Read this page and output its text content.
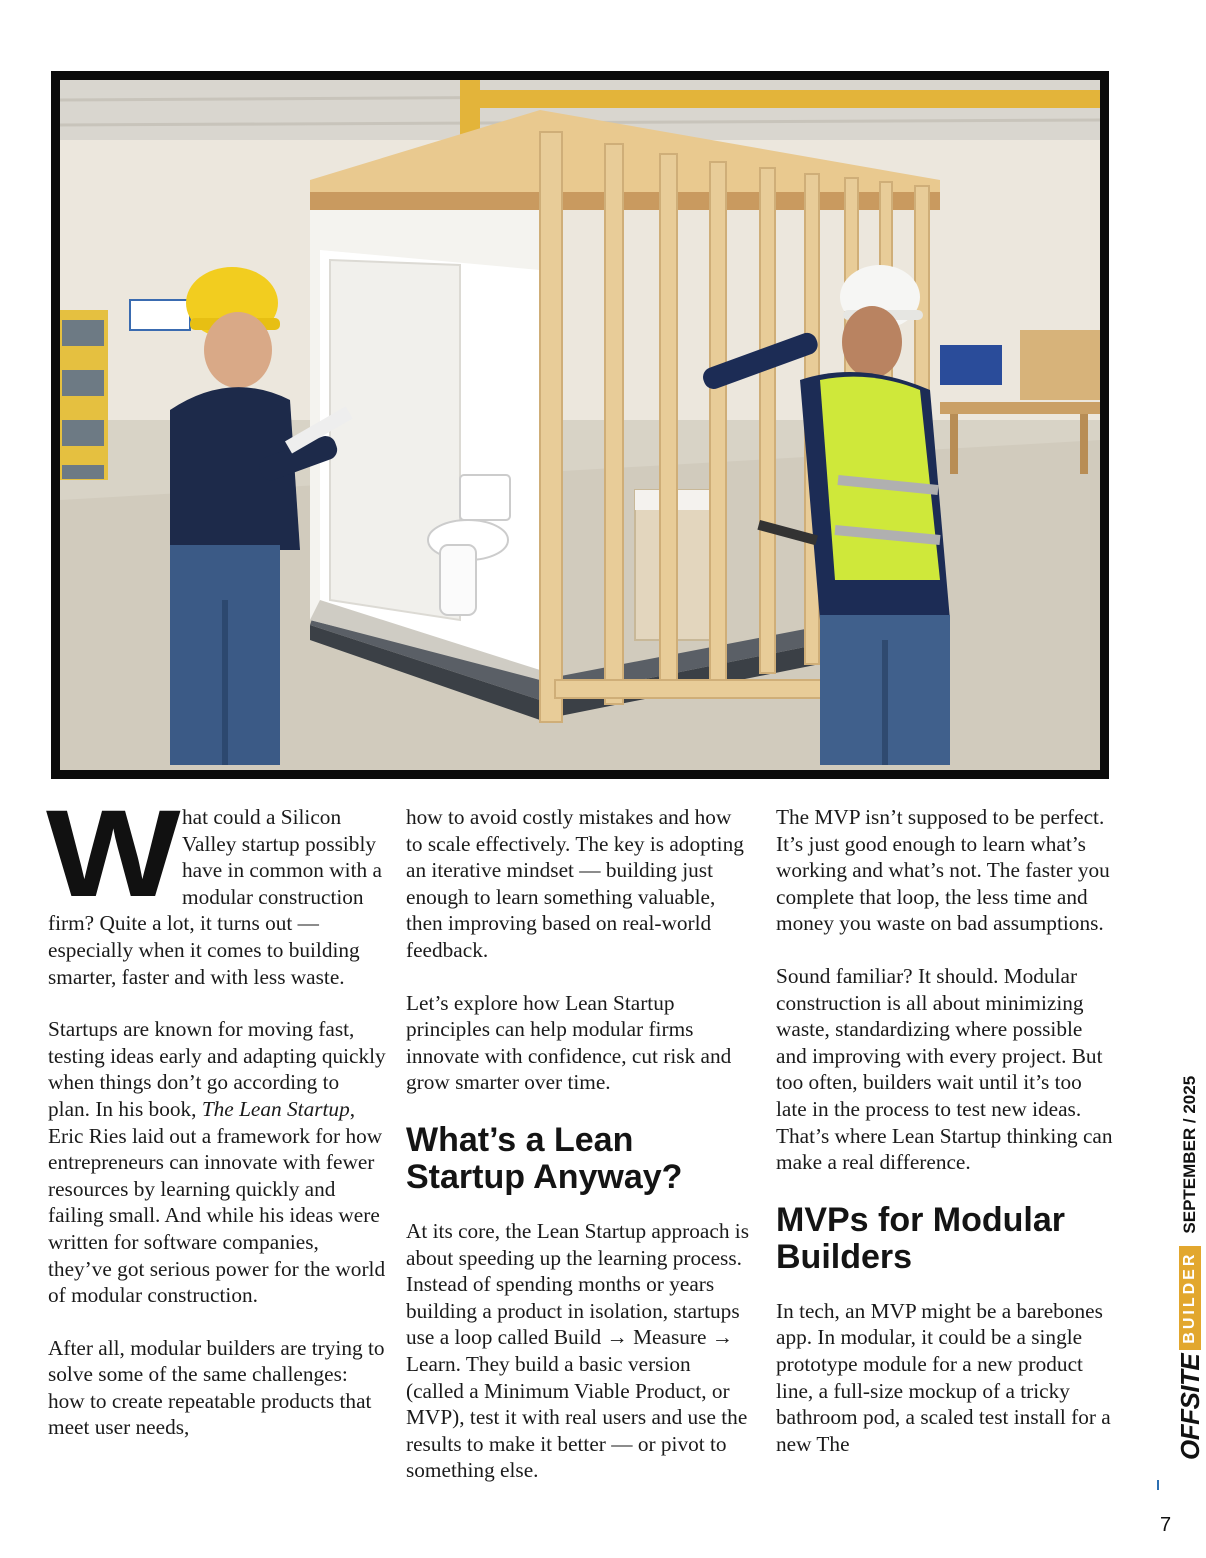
What could a Silicon Valley startup possibly have in common with a modular construction firm? Quite a lot, it turns out — especially when it comes to building smarter, faster and with less waste.

Startups are known for moving fast, testing ideas early and adapting quickly when things don’t go according to plan. In his book, The Lean Startup, Eric Ries laid out a framework for how entrepreneurs can innovate with fewer resources by learning quickly and failing small. And while his ideas were written for software companies, they’ve got serious power for the world of modular construction.

After all, modular builders are trying to solve some of the same challenges: how to create repeatable products that meet user needs,

how to avoid costly mistakes and how to scale effectively. The key is adopting an iterative mindset — building just enough to learn something valuable, then improving based on real-world feedback.

Let’s explore how Lean Startup principles can help modular firms innovate with confidence, cut risk and grow smarter over time.

What’s a Lean Startup Anyway?

At its core, the Lean Startup approach is about speeding up the learning process. Instead of spending months or years building a product in isolation, startups use a loop called Build → Measure → Learn. They build a basic version (called a Minimum Viable Product, or MVP), test it with real users and use the results to make it better — or pivot to something else.

The MVP isn’t supposed to be perfect. It’s just good enough to learn what’s working and what’s not. The faster you complete that loop, the less time and money you waste on bad assumptions.

Sound familiar? It should. Modular construction is all about minimizing waste, standardizing where possible and improving with every project. But too often, builders wait until it’s too late in the process to test new ideas. That’s where Lean Startup thinking can make a real difference.

MVPs for Modular Builders

In tech, an MVP might be a barebones app. In modular, it could be a single prototype module for a new product line, a full-size mockup of a tricky bathroom pod, a scaled test install for a new The	OFFSITE
BUILDER
SEPTEMBER / 2025
7
